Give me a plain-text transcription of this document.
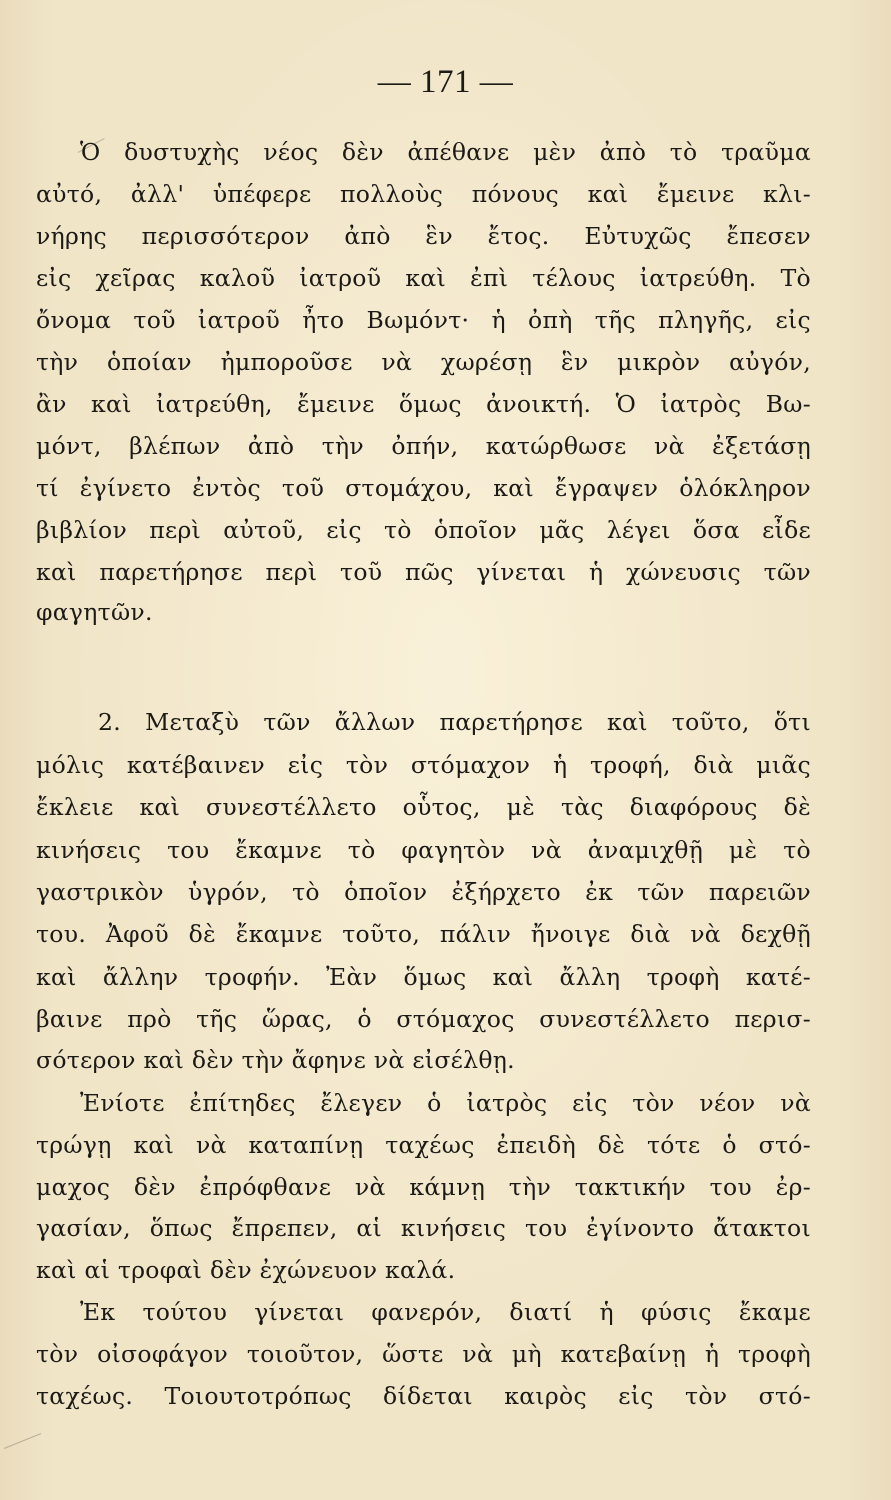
— 171 —
Ὁ δυστυχὴς νέος δὲν ἀπέθανε μὲν ἀπὸ τὸ τραῦμα
αὐτό, ἀλλ' ὑπέφερε πολλοὺς πόνους καὶ ἔμεινε κλι-
νήρης περισσότερον ἀπὸ ἓν ἔτος. Εὐτυχῶς ἔπεσεν
εἰς χεῖρας καλοῦ ἰατροῦ καὶ ἐπὶ τέλους ἰατρεύθη. Τὸ
ὄνομα τοῦ ἰατροῦ ἦτο Βωμόντ· ἡ ὀπὴ τῆς πληγῆς, εἰς
τὴν ὁποίαν ἠμποροῦσε νὰ χωρέσῃ ἓν μικρὸν αὐγόν,
ἂν καὶ ἰατρεύθη, ἔμεινε ὅμως ἀνοικτή. Ὁ ἰατρὸς Βω-
μόντ, βλέπων ἀπὸ τὴν ὀπήν, κατώρθωσε νὰ ἐξετάσῃ
τί ἐγίνετο ἐντὸς τοῦ στομάχου, καὶ ἔγραψεν ὁλόκληρον
βιβλίον περὶ αὐτοῦ, εἰς τὸ ὁποῖον μᾶς λέγει ὅσα εἶδε
καὶ παρετήρησε περὶ τοῦ πῶς γίνεται ἡ χώνευσις τῶν
φαγητῶν.
2. Μεταξὺ τῶν ἄλλων παρετήρησε καὶ τοῦτο, ὅτι
μόλις κατέβαινεν εἰς τὸν στόμαχον ἡ τροφή, διὰ μιᾶς
ἔκλειε καὶ συνεστέλλετο οὗτος, μὲ τὰς διαφόρους δὲ
κινήσεις του ἔκαμνε τὸ φαγητὸν νὰ ἀναμιχθῇ μὲ τὸ
γαστρικὸν ὑγρόν, τὸ ὁποῖον ἐξήρχετο ἐκ τῶν παρειῶν
του. Ἀφοῦ δὲ ἔκαμνε τοῦτο, πάλιν ἤνοιγε διὰ νὰ δεχθῇ
καὶ ἄλλην τροφήν. Ἐὰν ὅμως καὶ ἄλλη τροφὴ κατέ-
βαινε πρὸ τῆς ὥρας, ὁ στόμαχος συνεστέλλετο περισ-
σότερον καὶ δὲν τὴν ἄφηνε νὰ εἰσέλθῃ.
Ἐνίοτε ἐπίτηδες ἔλεγεν ὁ ἰατρὸς εἰς τὸν νέον νὰ
τρώγῃ καὶ νὰ καταπίνῃ ταχέως ἐπειδὴ δὲ τότε ὁ στό-
μαχος δὲν ἐπρόφθανε νὰ κάμνῃ τὴν τακτικήν του ἐρ-
γασίαν, ὅπως ἔπρεπεν, αἱ κινήσεις του ἐγίνοντο ἄτακτοι
καὶ αἱ τροφαὶ δὲν ἐχώνευον καλά.
Ἐκ τούτου γίνεται φανερόν, διατί ἡ φύσις ἔκαμε
τὸν οἰσοφάγον τοιοῦτον, ὥστε νὰ μὴ κατεβαίνῃ ἡ τροφὴ
ταχέως. Τοιουτοτρόπως δίδεται καιρὸς εἰς τὸν στό-
